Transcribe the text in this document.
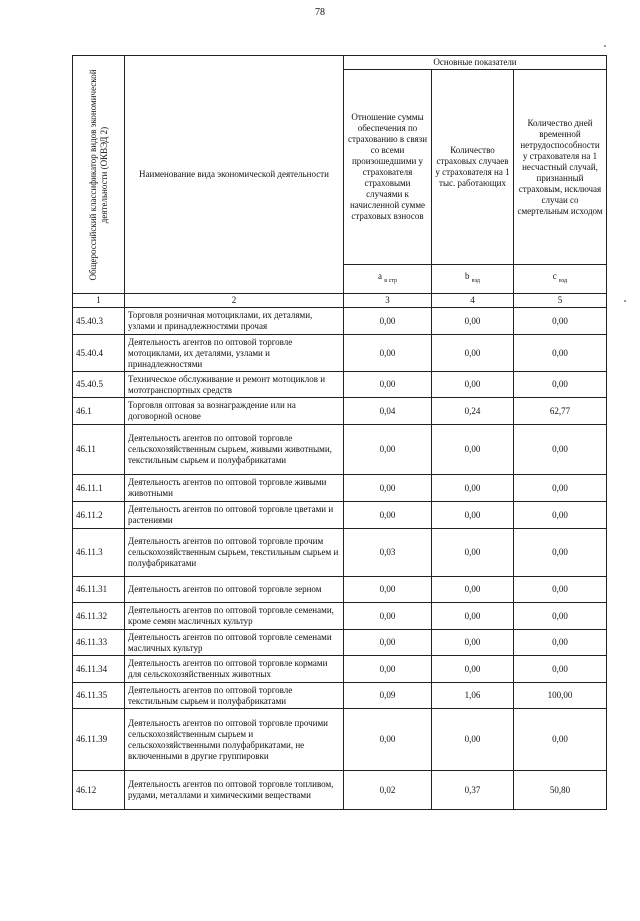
78
Общероссийский классификатор видов экономической деятельности (ОКВЭД 2)	Наименование вида экономической деятельности	Основные показатели		
		Отношение суммы обеспечения по страхованию в связи со всеми произошедшими у страхователя страховыми случаями к начисленной сумме страховых взносов	Количество страховых случаев у страхователя на 1 тыс. работающих	Количество дней временной нетрудоспособности у страхователя на 1 несчастный случай, признанный страховым, исключая случаи со смертельным исходом
		a $_{в стр}$	b $_{вэд}$	c $_{вэд}$
1	2	3	4	5
45.40.3	Торговля розничная мотоциклами, их деталями, узлами и принадлежностями прочая	0,00	0,00	0,00
45.40.4	Деятельность агентов по оптовой торговле мотоциклами, их деталями, узлами и принадлежностями	0,00	0,00	0,00
45.40.5	Техническое обслуживание и ремонт мотоциклов и мототранспортных средств	0,00	0,00	0,00
46.1	Торговля оптовая за вознаграждение или на договорной основе	0,04	0,24	62,77
46.11	Деятельность агентов по оптовой торговле сельскохозяйственным сырьем, живыми животными, текстильным сырьем и полуфабрикатами	0,00	0,00	0,00
46.11.1	Деятельность агентов по оптовой торговле живыми животными	0,00	0,00	0,00
46.11.2	Деятельность агентов по оптовой торговле цветами и растениями	0,00	0,00	0,00
46.11.3	Деятельность агентов по оптовой торговле прочим сельскохозяйственным сырьем, текстильным сырьем и полуфабрикатами	0,03	0,00	0,00
46.11.31	Деятельность агентов по оптовой торговле зерном	0,00	0,00	0,00
46.11.32	Деятельность агентов по оптовой торговле семенами, кроме семян масличных культур	0,00	0,00	0,00
46.11.33	Деятельность агентов по оптовой торговле семенами масличных культур	0,00	0,00	0,00
46.11.34	Деятельность агентов по оптовой торговле кормами для сельскохозяйственных животных	0,00	0,00	0,00
46.11.35	Деятельность агентов по оптовой торговле текстильным сырьем и полуфабрикатами	0,09	1,06	100,00
46.11.39	Деятельность агентов по оптовой торговле прочими сельскохозяйственным сырьем и сельскохозяйственными полуфабрикатами, не включенными в другие группировки	0,00	0,00	0,00
46.12	Деятельность агентов по оптовой торговле топливом, рудами, металлами и химическими веществами	0,02	0,37	50,80
